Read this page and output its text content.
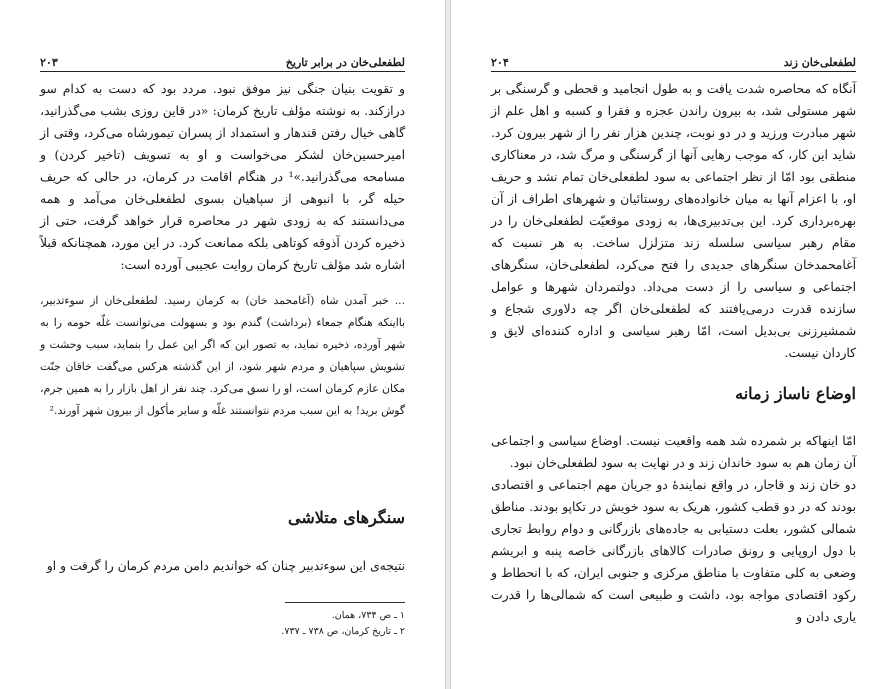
لطفعلی‌خان در برابر تاریخ
۲۰۳

و تقویت بنیان جنگی نیز موفق نبود. مردد بود که دست به کدام سو درازکند. به نوشته مؤلف تاریخ کرمان: «در قاین روزی بشب می‌گذرانید، گاهی خیال رفتن قندهار و استمداد از پسران تیمورشاه می‌کرد، وقتی از امیرحسین‌خان لشکر می‌خواست و او به تسویف (تاخیر کردن) و مسامحه می‌گذرانید.»¹ در هنگام اقامت در کرمان، در حالی که حریف حیله گر، با انبوهی از سپاهیان بسوی لطفعلی‌خان می‌آمد و همه می‌دانستند که به زودی شهر در محاصره قرار خواهد گرفت، حتی از ذخیره کردن آذوقه کوتاهی بلکه ممانعت کرد. در این مورد، همچنانکه قبلاً اشاره شد مؤلف تاریخ کرمان روایت عجیبی آورده است:

... خبر آمدن شاه (آغامحمد خان) به کرمان رسید. لطفعلی‌خان از سوءتدبیر، بااینکه هنگام جمعاء (برداشت) گندم بود و بسهولت می‌توانست غلّه حومه را به شهر آورده، ذخیره نماید، به تصور این که اگر این عمل را بنماید، سبب وحشت و تشویش سپاهیان و مردم شهر شود، از این گذشته هرکس می‌گفت خاقان جنّت مکان عازم کرمان است، او را نسق می‌کرد. چند نفر از اهل بازار را به همین جرم، گوش برید! به این سبب مردم نتوانستند غلّه و سایر مأکول از بیرون شهر آورند.²

سنگرهای متلاشی

نتیجه‌ی این سوءتدبیر چنان که خواندیم دامن مردم کرمان را گرفت و او

۱ ـ ص ۷۳۴، همان.
۲ ـ تاریخ کرمان، ص ۷۳۸ ـ ۷۳۷.
لطفعلی‌خان زند
۲۰۴

آنگاه که محاصره شدت یافت و به طول انجامید و قحطی و گرسنگی بر شهر مستولی شد، به بیرون راندن عجزه و فقرا و کسبه و اهل علم از شهر مبادرت ورزید و در دو نوبت، چندین هزار نفر را از شهر بیرون کرد. شاید این کار، که موجب رهایی آنها از گرسنگی و مرگ شد، در معناکاری منطقی بود امّا از نظر اجتماعی به سود لطفعلی‌خان تمام نشد و حریف او، با اعزام آنها به میان خانواده‌های روستائیان و شهرهای اطراف از آن بهره‌برداری کرد. این بی‌تدبیری‌ها، به زودی موقعیّت لطفعلی‌خان را در مقام رهبر سیاسی سلسله زند متزلزل ساخت. به هر نسبت که آغامحمدخان سنگرهای جدیدی را فتح می‌کرد، لطفعلی‌خان، سنگرهای اجتماعی و سیاسی را از دست می‌داد. دولتمردان شهرها و عوامل سازنده قدرت درمی‌یافتند که لطفعلی‌خان اگر چه دلاوری شجاع و شمشیرزنی بی‌بدیل است، امّا رهبر سیاسی و اداره کننده‌ای لایق و کاردان نیست.

اوضاع ناساز زمانه

امّا اینهاکه بر شمرده شد همه واقعیت نیست. اوضاع سیاسی و اجتماعی آن زمان هم به سود خاندان زند و در نهایت به سود لطفعلی‌خان نبود.

دو خان زند و قاجار، در واقع نمایندهٔ دو جریان مهم اجتماعی و اقتصادی بودند که در دو قطب کشور، هریک به سود خویش در تکاپو بودند. مناطق شمالی کشور، بعلت دستیابی به جاده‌های بازرگانی و دوام روابط تجاری با دول اروپایی و رونق صادرات کالاهای بازرگانی خاصه پنبه و ابریشم وضعی به کلی متفاوت با مناطق مرکزی و جنوبی ایران، که با انحطاط و رکود اقتصادی مواجه بود، داشت و طبیعی است که شمالی‌ها را قدرت یاری دادن و
